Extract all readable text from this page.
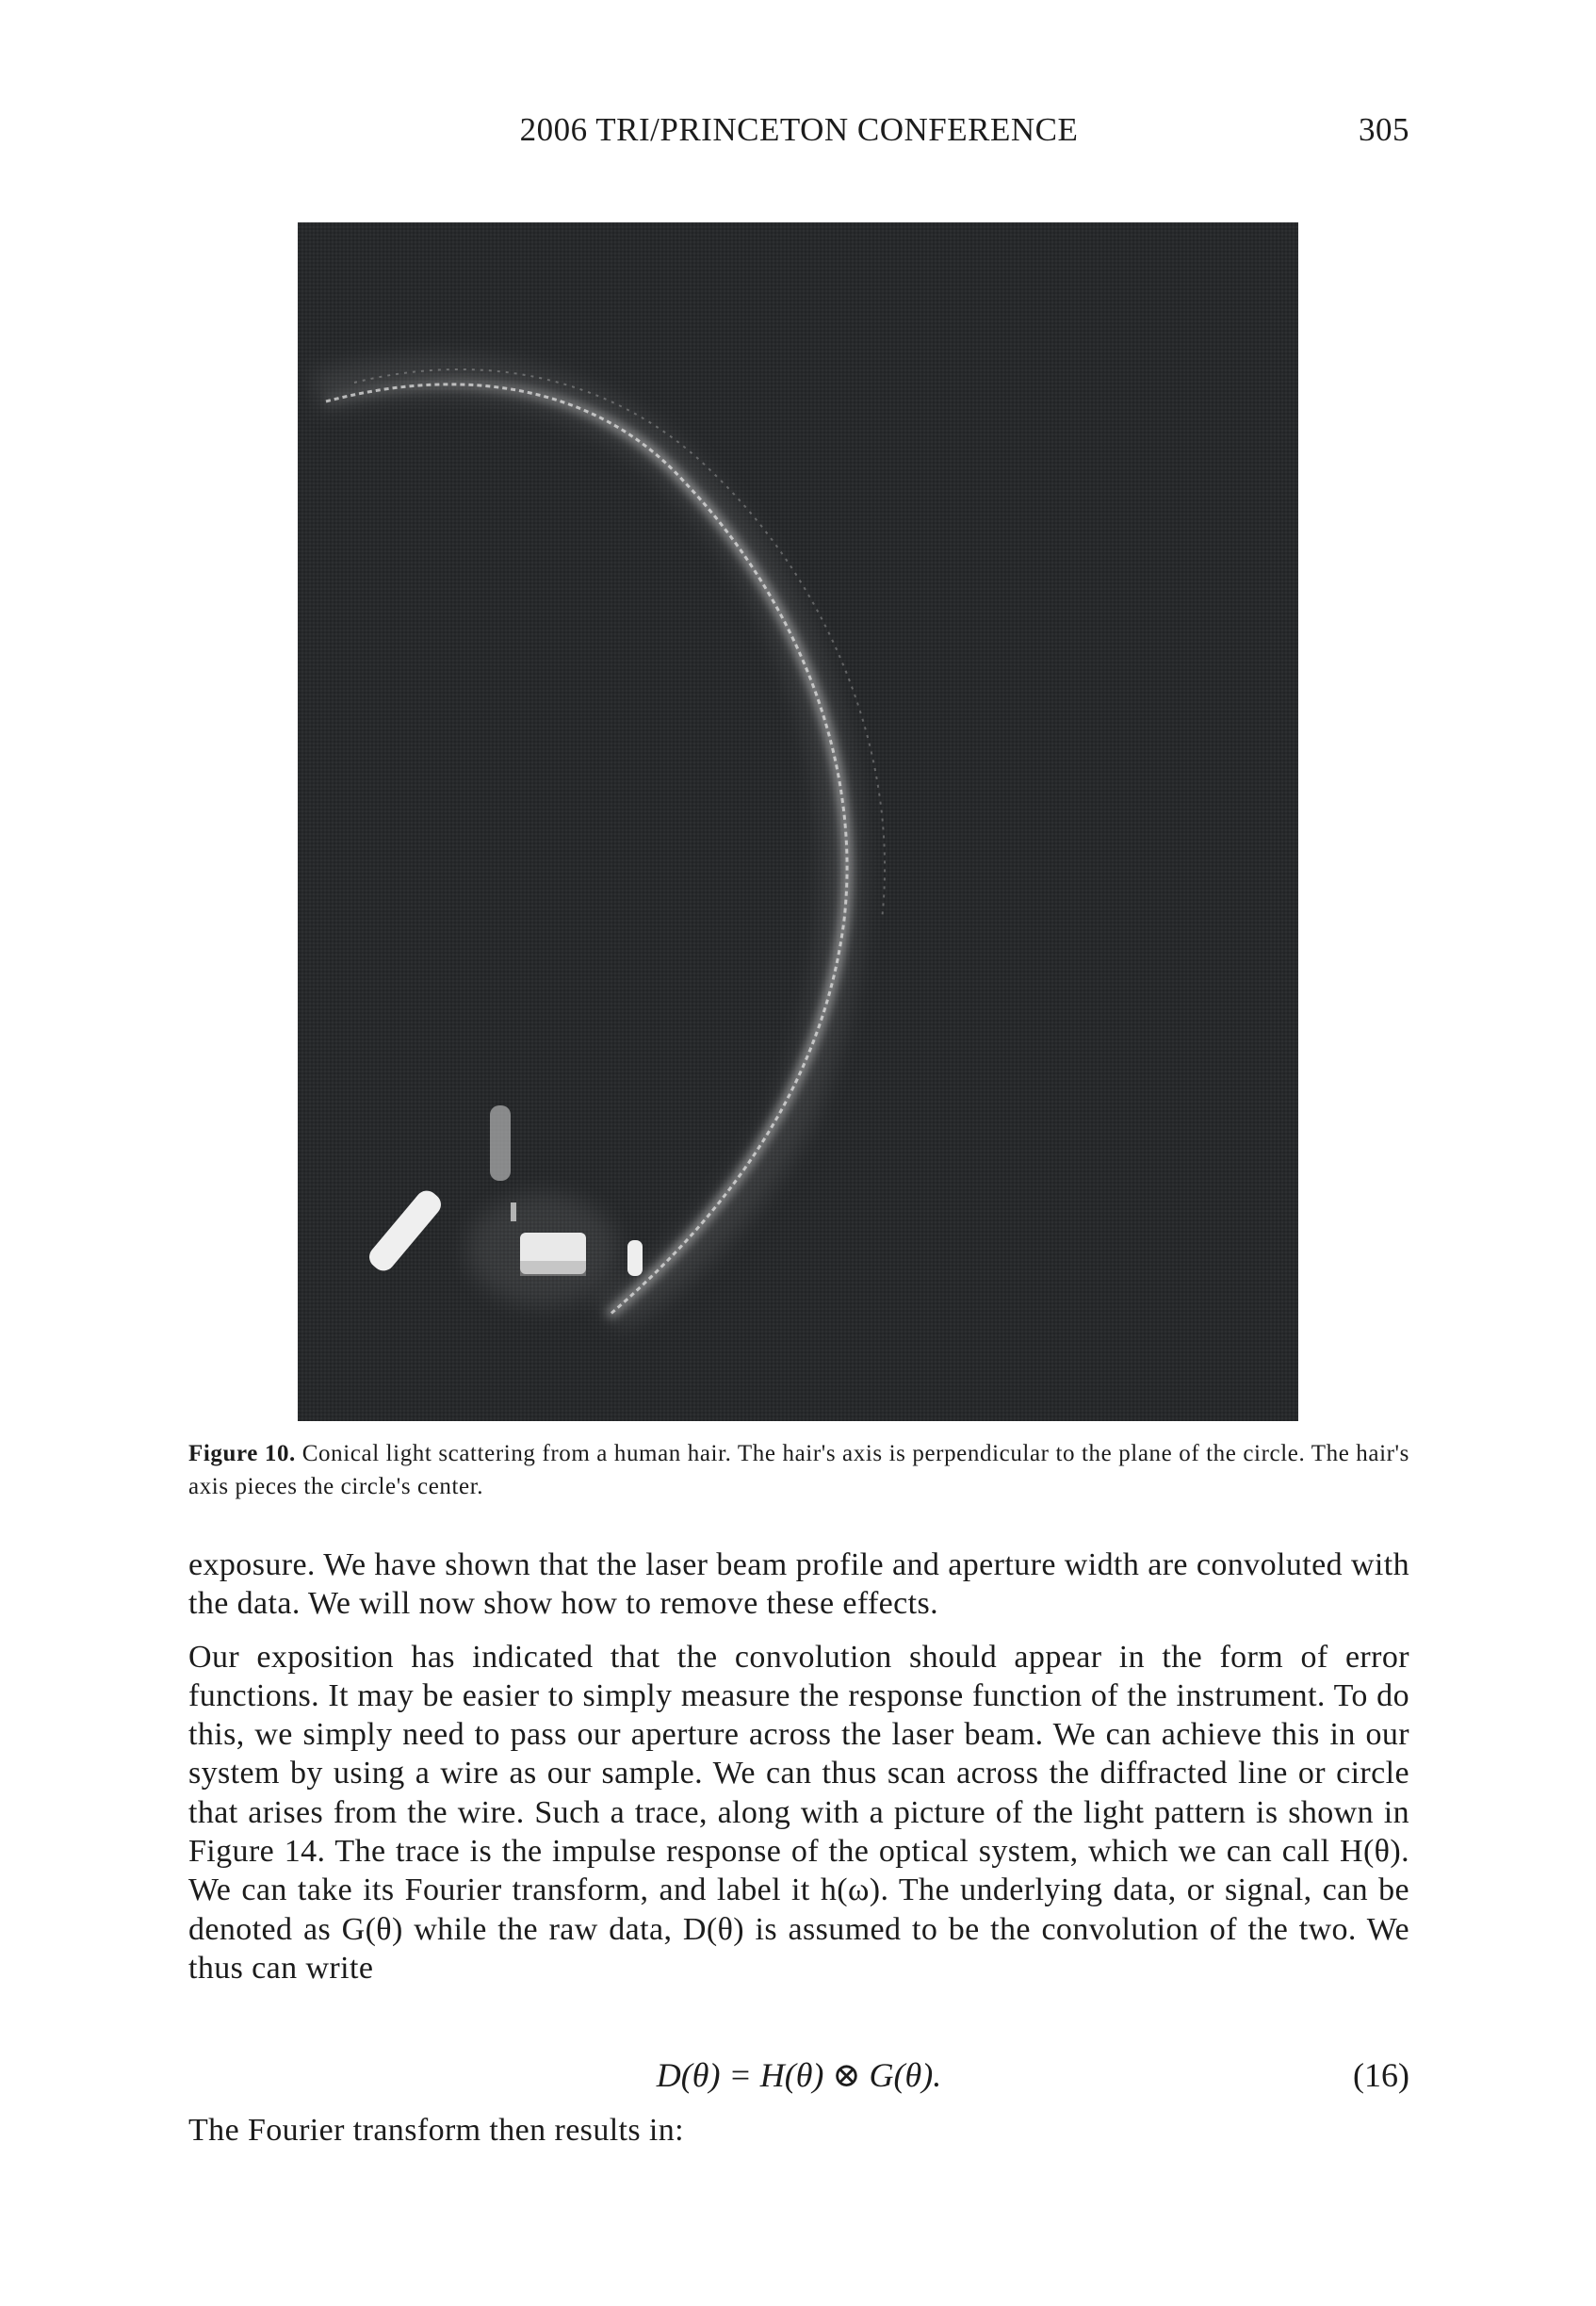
2006 TRI/PRINCETON CONFERENCE	305
Figure 10. Conical light scattering from a human hair. The hair's axis is perpendicular to the plane of the circle. The hair's axis pieces the circle's center.

exposure. We have shown that the laser beam profile and aperture width are convoluted with the data. We will now show how to remove these effects.

Our exposition has indicated that the convolution should appear in the form of error functions. It may be easier to simply measure the response function of the instrument. To do this, we simply need to pass our aperture across the laser beam. We can achieve this in our system by using a wire as our sample. We can thus scan across the diffracted line or circle that arises from the wire. Such a trace, along with a picture of the light pattern is shown in Figure 14. The trace is the impulse response of the optical system, which we can call H(θ). We can take its Fourier transform, and label it h(ω). The underlying data, or signal, can be denoted as G(θ) while the raw data, D(θ) is assumed to be the convolution of the two. We thus can write

D(θ) = H(θ) ⊗ G(θ).	(16)
The Fourier transform then results in:
